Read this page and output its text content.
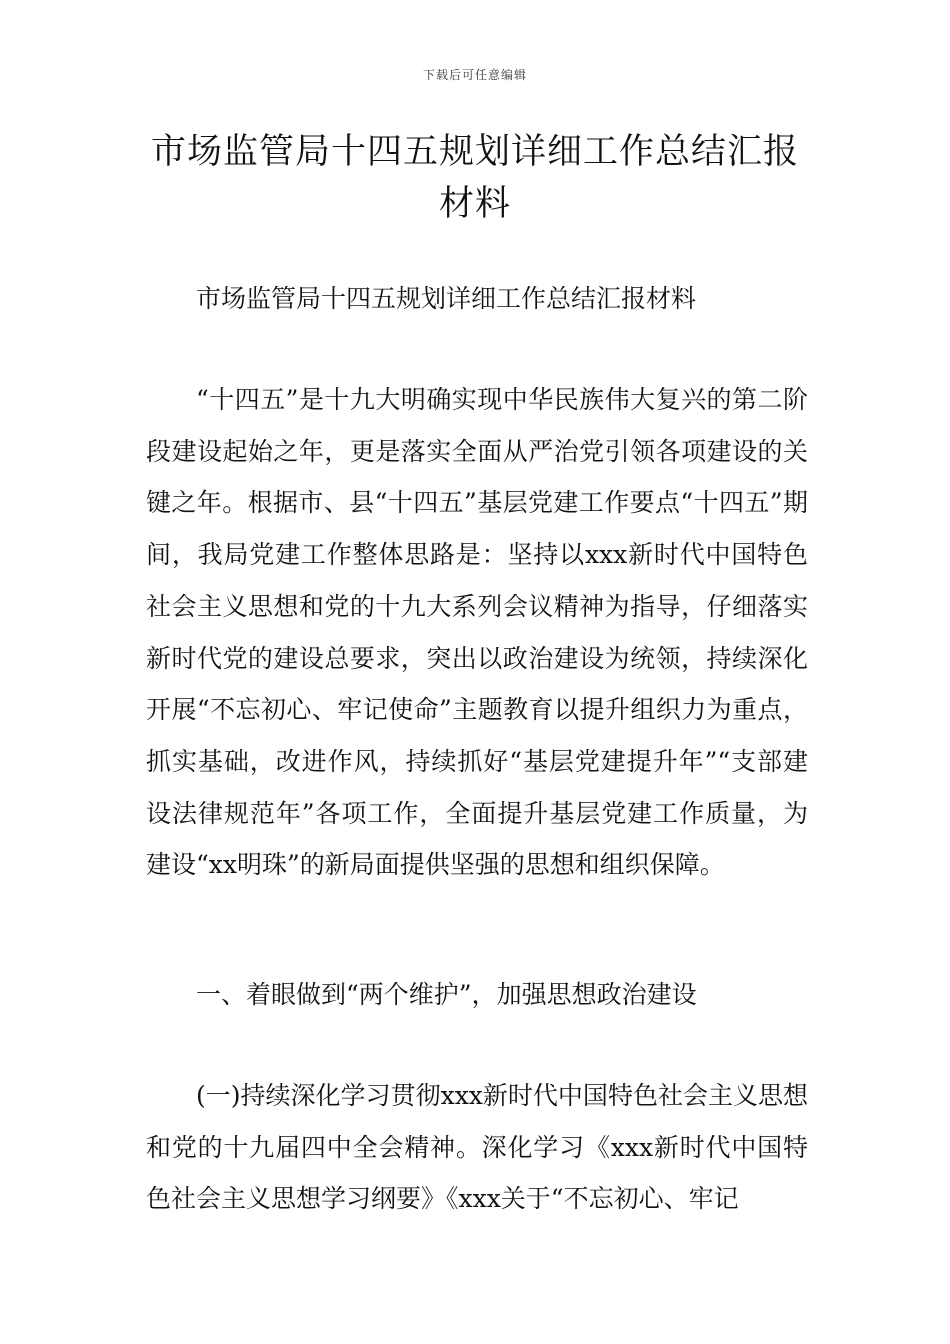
下载后可任意编辑
市场监管局十四五规划详细工作总结汇报材料

市场监管局十四五规划详细工作总结汇报材料

“十四五”是十九大明确实现中华民族伟大复兴的第二阶段建设起始之年，更是落实全面从严治党引领各项建设的关键之年。根据市、县“十四五”基层党建工作要点“十四五”期间，我局党建工作整体思路是：坚持以xxx新时代中国特色社会主义思想和党的十九大系列会议精神为指导，仔细落实新时代党的建设总要求，突出以政治建设为统领，持续深化开展“不忘初心、牢记使命”主题教育以提升组织力为重点，抓实基础，改进作风，持续抓好“基层党建提升年”“支部建设法律规范年”各项工作，全面提升基层党建工作质量，为建设“xx明珠”的新局面提供坚强的思想和组织保障。

一、着眼做到“两个维护”，加强思想政治建设

(一)持续深化学习贯彻xxx新时代中国特色社会主义思想和党的十九届四中全会精神。深化学习《xxx新时代中国特色社会主义思想学习纲要》《xxx关于“不忘初心、牢记
